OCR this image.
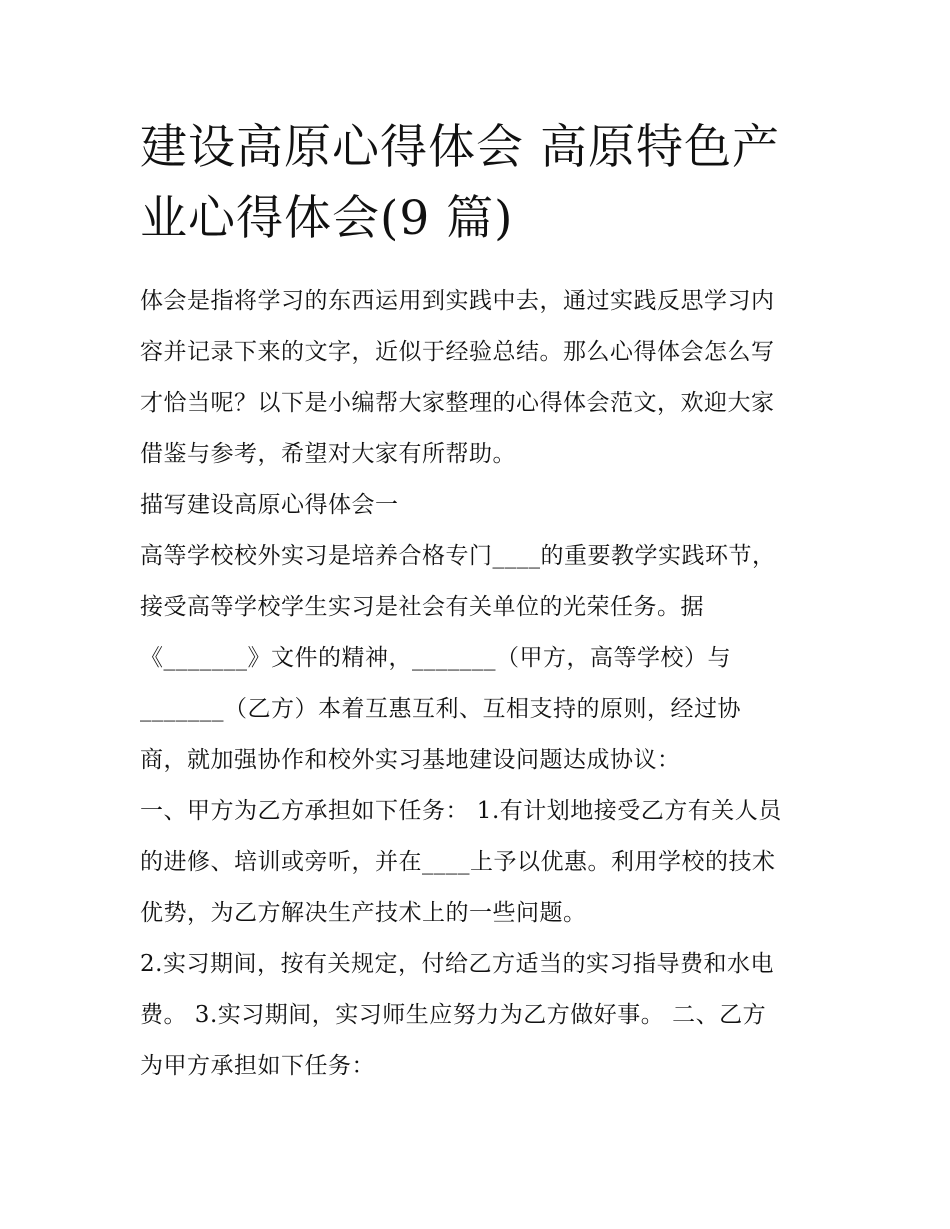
建设高原心得体会 高原特色产
业心得体会(9 篇)

体会是指将学习的东西运用到实践中去，通过实践反思学习内

容并记录下来的文字，近似于经验总结。那么心得体会怎么写

才恰当呢？以下是小编帮大家整理的心得体会范文，欢迎大家

借鉴与参考，希望对大家有所帮助。

描写建设高原心得体会一

高等学校校外实习是培养合格专门____的重要教学实践环节，

接受高等学校学生实习是社会有关单位的光荣任务。据

《_______》文件的精神，_______（甲方，高等学校）与

_______（乙方）本着互惠互利、互相支持的原则，经过协

商，就加强协作和校外实习基地建设问题达成协议：

一、甲方为乙方承担如下任务： 1.有计划地接受乙方有关人员

的进修、培训或旁听，并在____上予以优惠。利用学校的技术

优势，为乙方解决生产技术上的一些问题。

2.实习期间，按有关规定，付给乙方适当的实习指导费和水电

费。 3.实习期间，实习师生应努力为乙方做好事。 二、乙方

为甲方承担如下任务：
